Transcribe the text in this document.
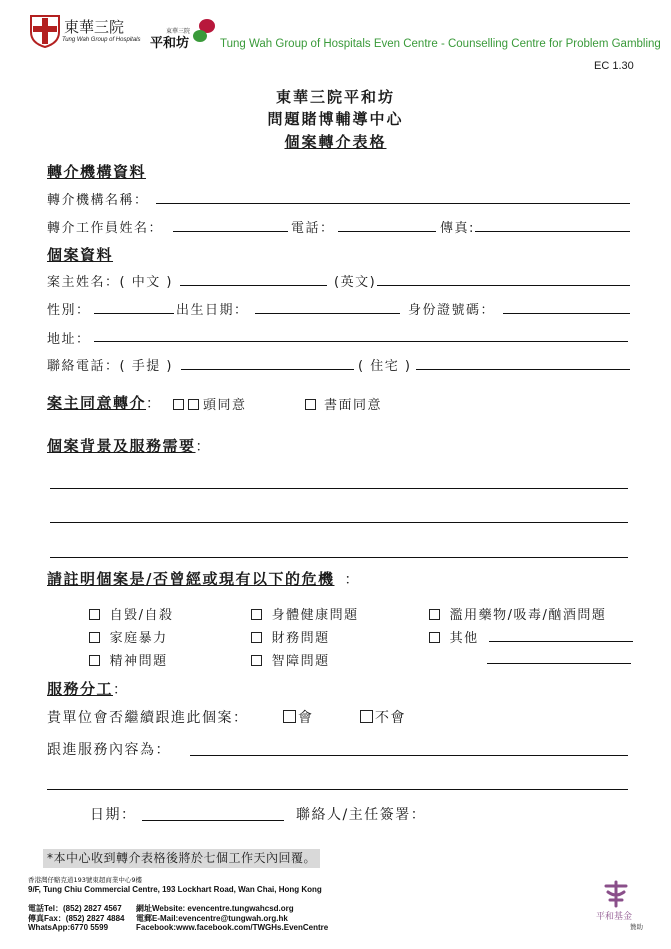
東華三院
Tung Wah Group of Hospitals
東華三院
平和坊	Tung Wah Group of Hospitals Even Centre - Counselling Centre for Problem Gambling
EC 1.30
東華三院平和坊
問題賭博輔導中心
個案轉介表格
轉介機構資料
轉介機構名稱：
轉介工作員姓名：	電話：	傳真:
個案資料
案主姓名：( 中文 )	(英文)
性別：	出生日期：	身份證號碼：
地址：
聯絡電話：( 手提 )	( 住宅 )
案主同意轉介：	頭同意	書面同意
個案背景及服務需要：
請註明個案是/否曾經或現有以下的危機 ：
自毀/自殺	身體健康問題	濫用藥物/吸毒/酗酒問題
家庭暴力	財務問題	其他
精神問題	智障問題
服務分工：
貴單位會否繼續跟進此個案：	會	不會
跟進服務內容為：
日期：	聯絡人/主任簽署：
*本中心收到轉介表格後將於七個工作天內回覆。
香港灣仔駱克道193號東超商業中心9樓
9/F, Tung Chiu Commercial Centre, 193 Lockhart Road, Wan Chai, Hong Kong
電話Tel：(852) 2827 4567
傳真Fax：(852) 2827 4884
WhatsApp:6770 5599
網址Website: evencentre.tungwahcsd.org
電郵E-Mail:evencentre@tungwah.org.hk
Facebook:www.facebook.com/TWGHs.EvenCentre
平和基金
贊助
